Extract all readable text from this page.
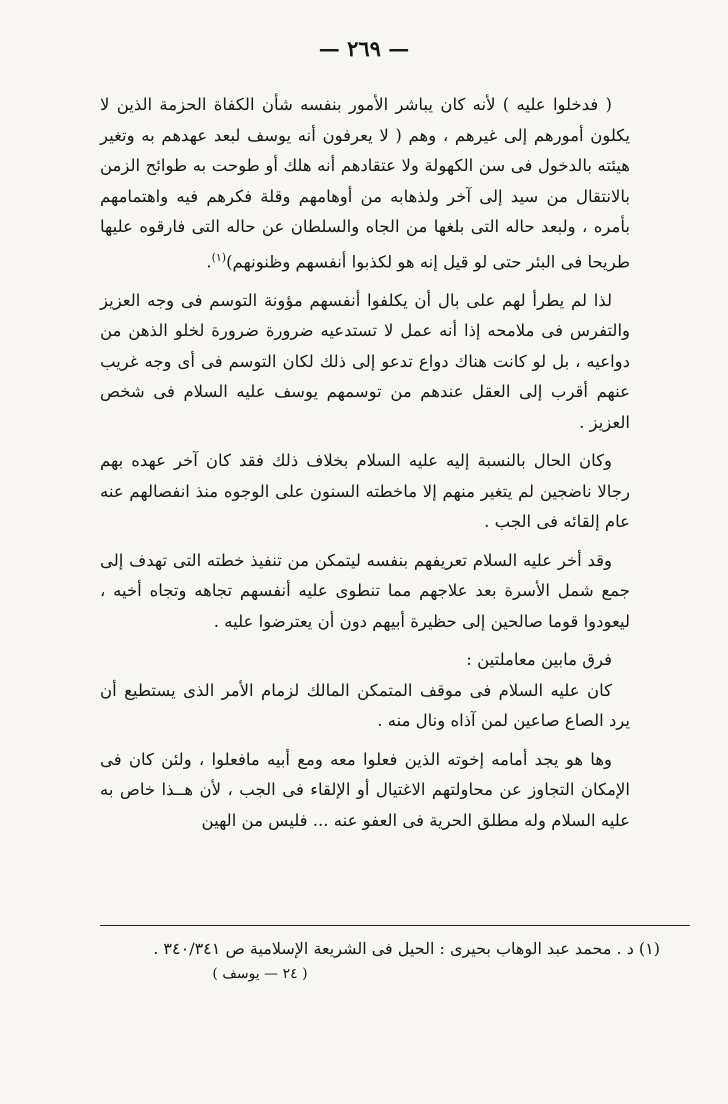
— ٢٦٩ —

( فدخلوا عليه ) لأنه كان يباشر الأمور بنفسه شأن الكفاة الحزمة الذين لا يكلون أمورهم إلى غيرهم ، وهم ( لا يعرفون أنه يوسف لبعد عهدهم به وتغير هيئته بالدخول فى سن الكهولة ولا عتقادهم أنه هلك أو طوحت به طوائح الزمن بالانتقال من سيد إلى آخر ولذهابه من أوهامهم وقلة فكرهم فيه واهتمامهم بأمره ، ولبعد حاله التى بلغها من الجاه والسلطان عن حاله التى فارقوه عليها طريحا فى البئر حتى لو قيل إنه هو لكذبوا أنفسهم وظنونهم)$^{(١)}$.

لذا لم يطرأ لهم على بال أن يكلفوا أنفسهم مؤونة التوسم فى وجه العزيز والتفرس فى ملامحه إذا أنه عمل لا تستدعيه ضرورة ضرورة لخلو الذهن من دواعيه ، بل لو كانت هناك دواع تدعو إلى ذلك لكان التوسم فى أى وجه غريب عنهم أقرب إلى العقل عندهم من توسمهم يوسف عليه السلام فى شخص العزيز .

وكان الحال بالنسبة إليه عليه السلام بخلاف ذلك فقد كان آخر عهده بهم رجالا ناضجين لم يتغير منهم إلا ماخطته السنون على الوجوه منذ انفصالهم عنه عام إلقائه فى الجب .

وقد أخر عليه السلام تعريفهم بنفسه ليتمكن من تنفيذ خطته التى تهدف إلى جمع شمل الأسرة بعد علاجهم مما تنطوى عليه أنفسهم تجاهه وتجاه أخيه ، ليعودوا قوما صالحين إلى حظيرة أبيهم دون أن يعترضوا عليه .

فرق مابين معاملتين :

كان عليه السلام فى موقف المتمكن المالك لزمام الأمر الذى يستطيع أن يرد الصاع صاعين لمن آذاه ونال منه .

وها هو يجد أمامه إخوته الذين فعلوا معه ومع أبيه مافعلوا ، ولئن كان فى الإمكان التجاوز عن محاولتهم الاغتيال أو الإلقاء فى الجب ، لأن هــذا خاص به عليه السلام وله مطلق الحرية فى العفو عنه ... فليس من الهين

(١) د . محمد عبد الوهاب بحيرى : الحيل فى الشريعة الإسلامية ص ٣٤٠/٣٤١ .
( ٢٤ — يوسف )
